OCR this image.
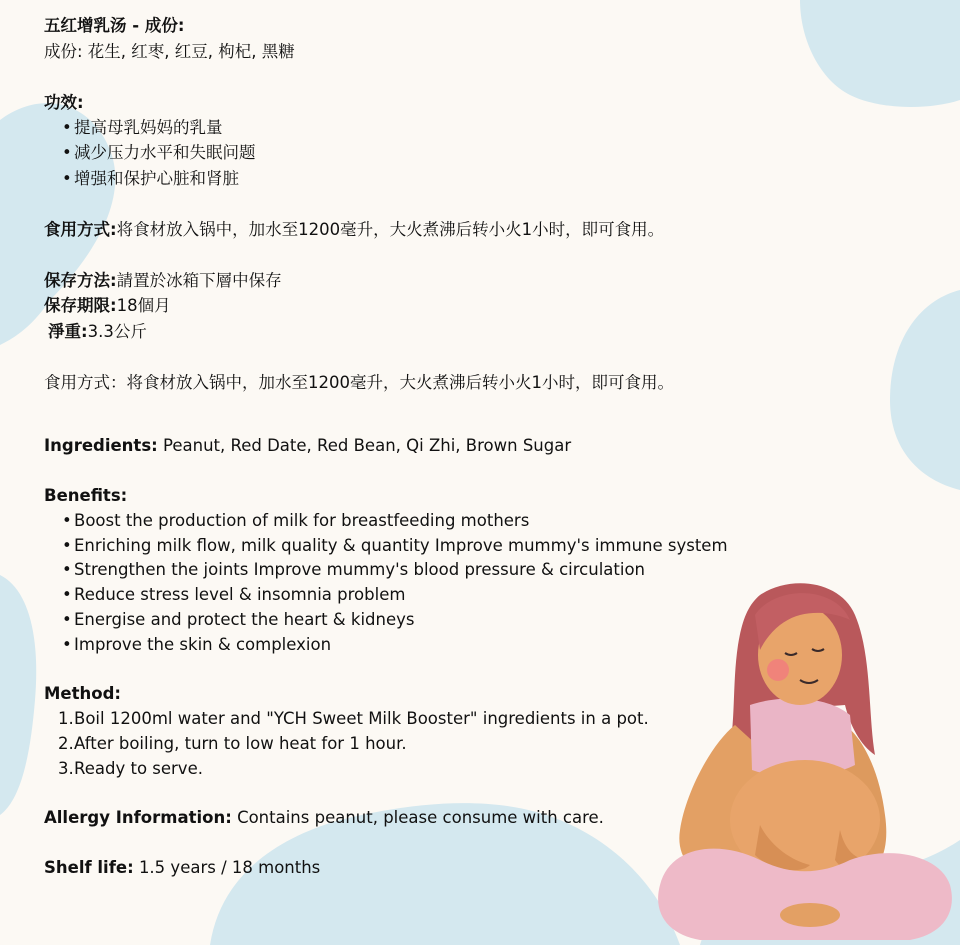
五红增乳汤 - 成份:
成份: 花生, 红枣, 红豆, 枸杞, 黑糖
功效:
• 提高母乳妈妈的乳量
• 减少压力水平和失眠问题
• 增强和保护心脏和肾脏
食用方式:将食材放入锅中，加水至1200毫升，大火煮沸后转小火1小时，即可食用。
保存方法:請置於冰箱下層中保存
保存期限:18個月
淨重:3.3公斤
食用方式：将食材放入锅中，加水至1200毫升，大火煮沸后转小火1小时，即可食用。
Ingredients: Peanut, Red Date, Red Bean, Qi Zhi, Brown Sugar
Benefits:
• Boost the production of milk for breastfeeding mothers
• Enriching milk flow, milk quality & quantity Improve mummy's immune system
• Strengthen the joints Improve mummy's blood pressure & circulation
• Reduce stress level & insomnia problem
• Energise and protect the heart & kidneys
• Improve the skin & complexion
Method:
1.Boil 1200ml water and "YCH Sweet Milk Booster" ingredients in a pot.
2.After boiling, turn to low heat for 1 hour.
3.Ready to serve.
Allergy Information: Contains peanut, please consume with care.
Shelf life: 1.5 years / 18 months
